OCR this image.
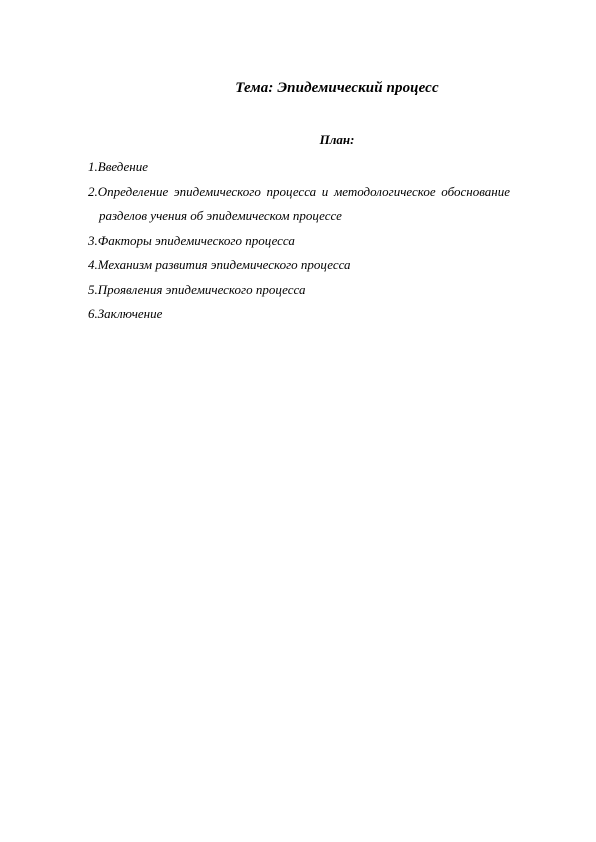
Тема: Эпидемический процесс
План:
1. Введение
2. Определение эпидемического процесса и методологическое обоснование
разделов учения об эпидемическом процессе
3. Факторы эпидемического процесса
4. Механизм развития эпидемического процесса
5. Проявления эпидемического процесса
6. Заключение
